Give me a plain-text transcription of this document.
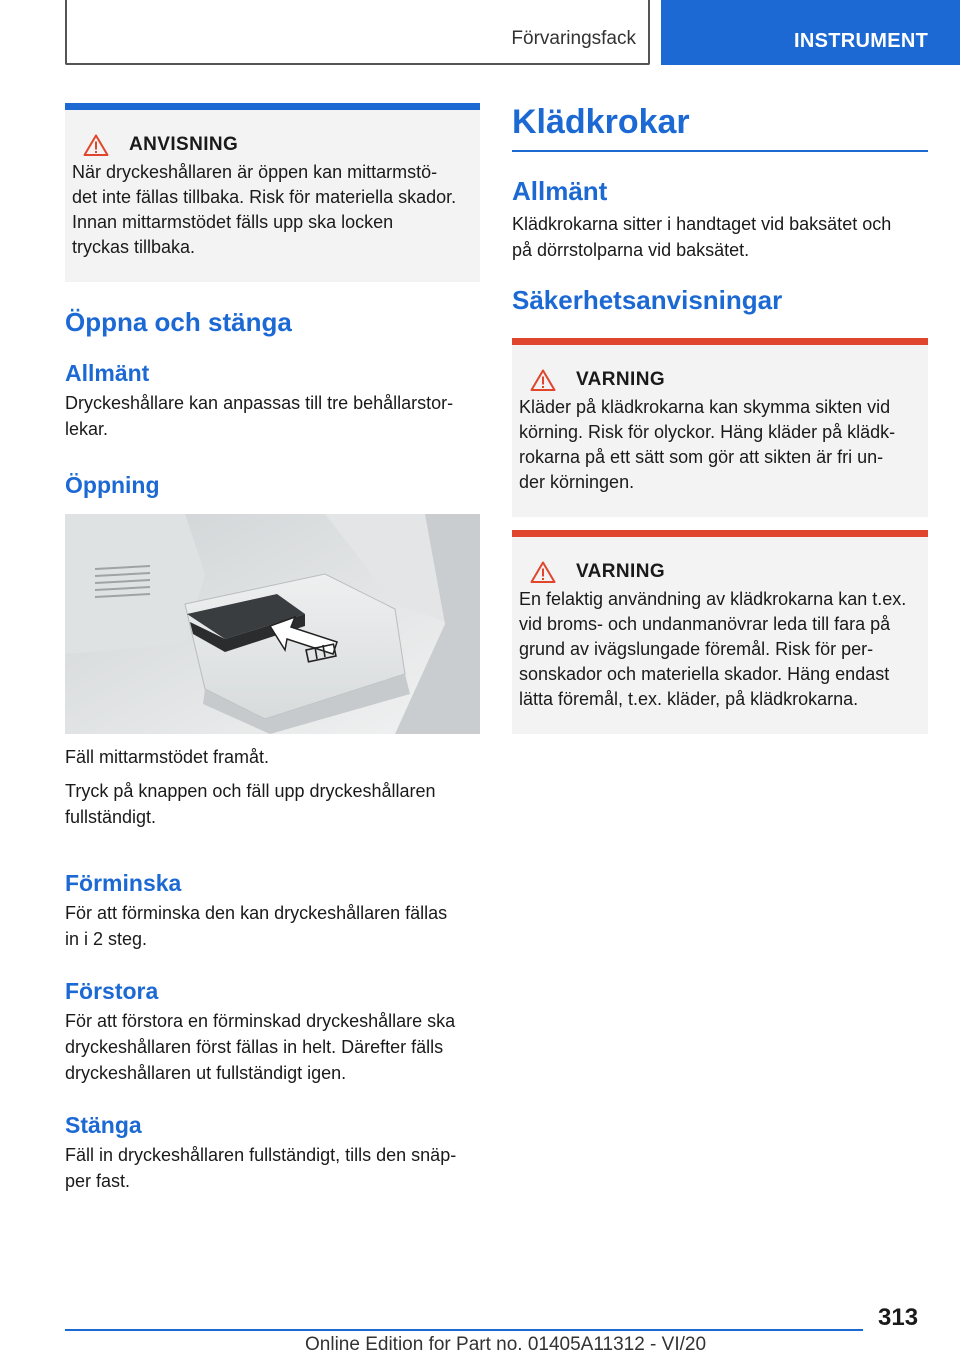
Förvaringsfack	INSTRUMENT
ANVISNING
När dryckeshållaren är öppen kan mittarmstö-
det inte fällas tillbaka. Risk för materiella skador.
Innan mittarmstödet fälls upp ska locken
tryckas tillbaka.
Öppna och stänga
Allmänt

Dryckeshållare kan anpassas till tre behållarstor-
lekar.

Öppning

Fäll mittarmstödet framåt.

Tryck på knappen och fäll upp dryckeshållaren
fullständigt.

Förminska

För att förminska den kan dryckeshållaren fällas
in i 2 steg.

Förstora

För att förstora en förminskad dryckeshållare ska
dryckeshållaren först fällas in helt. Därefter fälls
dryckeshållaren ut fullständigt igen.

Stänga

Fäll in dryckeshållaren fullständigt, tills den snäp-
per fast.

Klädkrokar
Allmänt

Klädkrokarna sitter i handtaget vid baksätet och
på dörrstolparna vid baksätet.

Säkerhetsanvisningar
VARNING
Kläder på klädkrokarna kan skymma sikten vid
körning. Risk för olyckor. Häng kläder på klädk-
rokarna på ett sätt som gör att sikten är fri un-
der körningen.
VARNING
En felaktig användning av klädkrokarna kan t.ex.
vid broms- och undanmanövrar leda till fara på
grund av ivägslungade föremål. Risk för per-
sonskador och materiella skador. Häng endast
lätta föremål, t.ex. kläder, på klädkrokarna.
313
Online Edition for Part no. 01405A11312 - VI/20
